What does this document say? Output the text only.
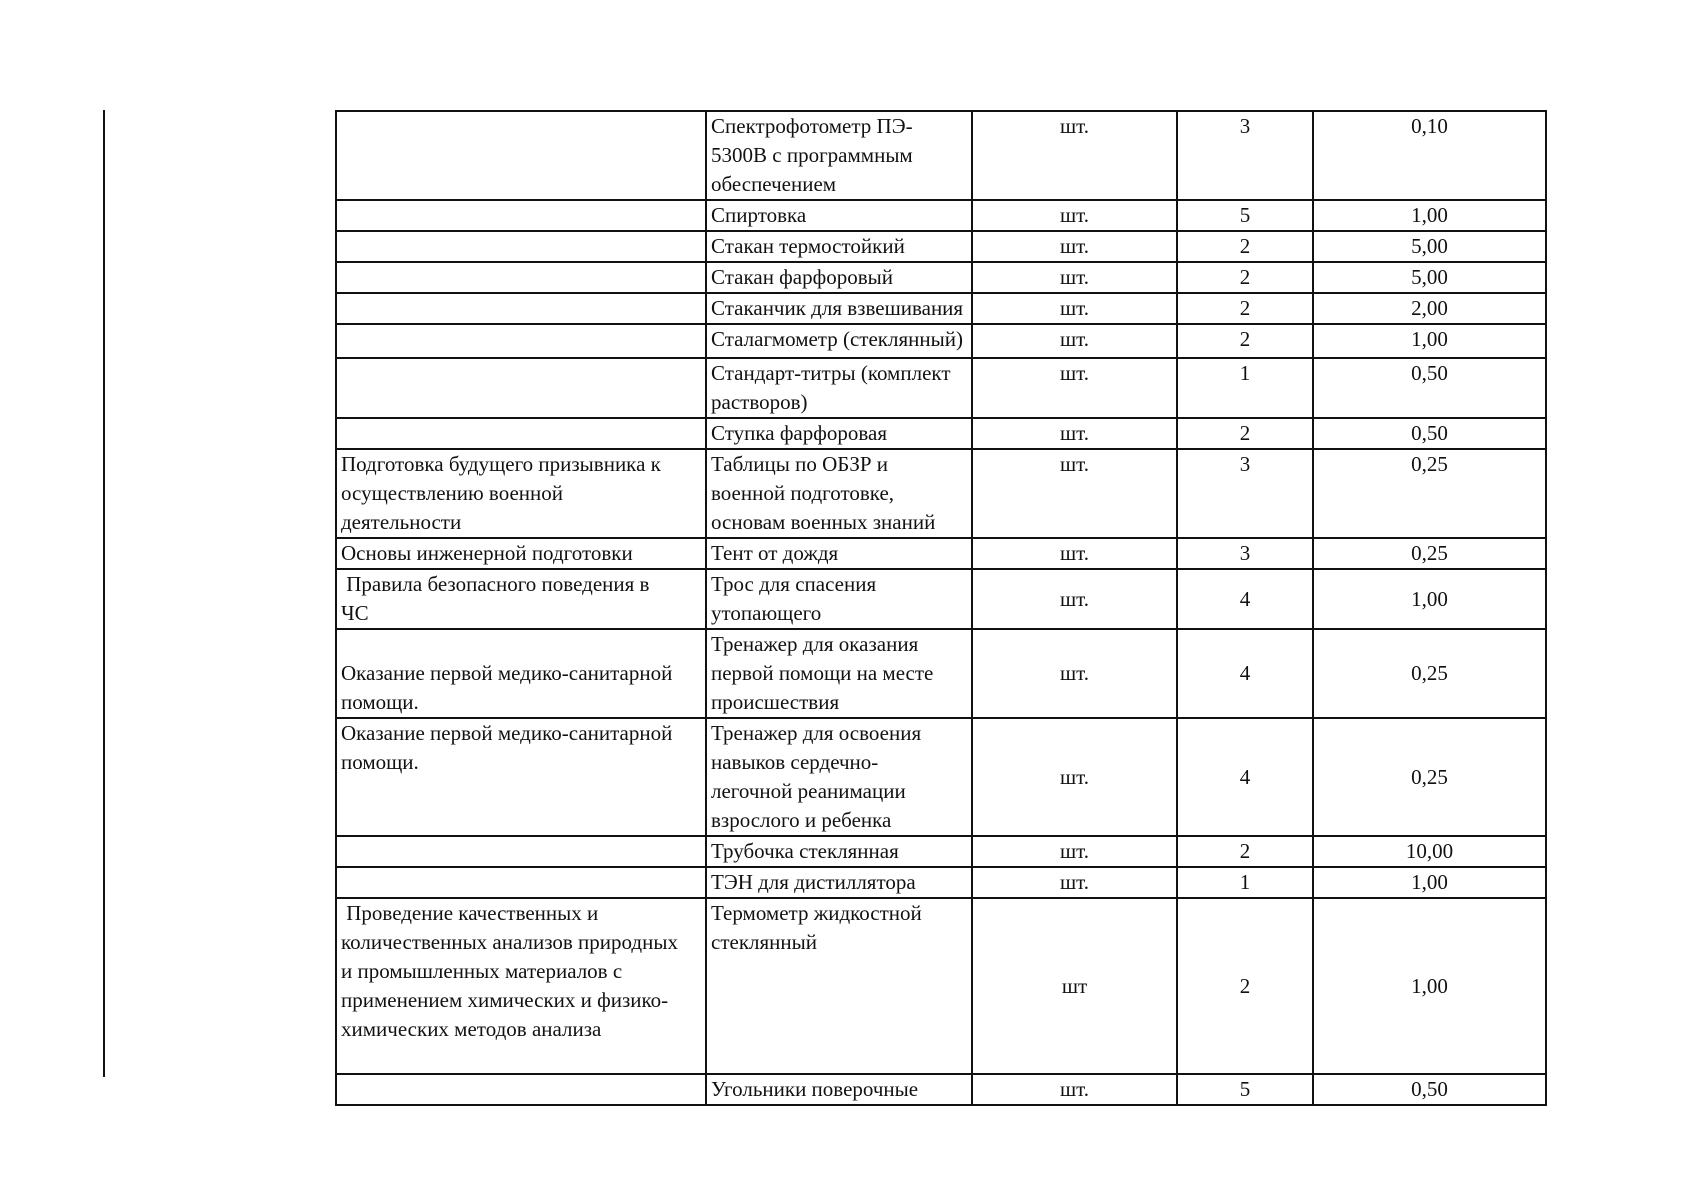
	Спектрофотометр ПЭ-
5300В с программным
обеспечением	шт.	3	0,10
	Спиртовка	шт.	5	1,00
	Стакан термостойкий	шт.	2	5,00
	Стакан фарфоровый	шт.	2	5,00
	Стаканчик для взвешивания	шт.	2	2,00
	Сталагмометр (стеклянный)	шт.	2	1,00
	Стандарт-титры (комплект
растворов)	шт.	1	0,50
	Ступка фарфоровая	шт.	2	0,50
Подготовка будущего призывника к
осуществлению военной
деятельности	Таблицы по ОБЗР и
военной подготовке,
основам военных знаний	шт.	3	0,25
Основы инженерной подготовки	Тент от дождя	шт.	3	0,25
Правила безопасного поведения в
ЧС	Трос для спасения
утопающего	шт.	4	1,00
Оказание первой медико-санитарной
помощи.	Тренажер для оказания
первой помощи на месте
происшествия	шт.	4	0,25
Оказание первой медико-санитарной
помощи.	Тренажер для освоения
навыков сердечно-
легочной реанимации
взрослого и ребенка	шт.	4	0,25
	Трубочка стеклянная	шт.	2	10,00
	ТЭН для дистиллятора	шт.	1	1,00
Проведение качественных и
количественных анализов природных
и промышленных материалов с
применением химических и физико-
химических методов анализа	Термометр жидкостной
стеклянный	шт	2	1,00
	Угольники поверочные	шт.	5	0,50
